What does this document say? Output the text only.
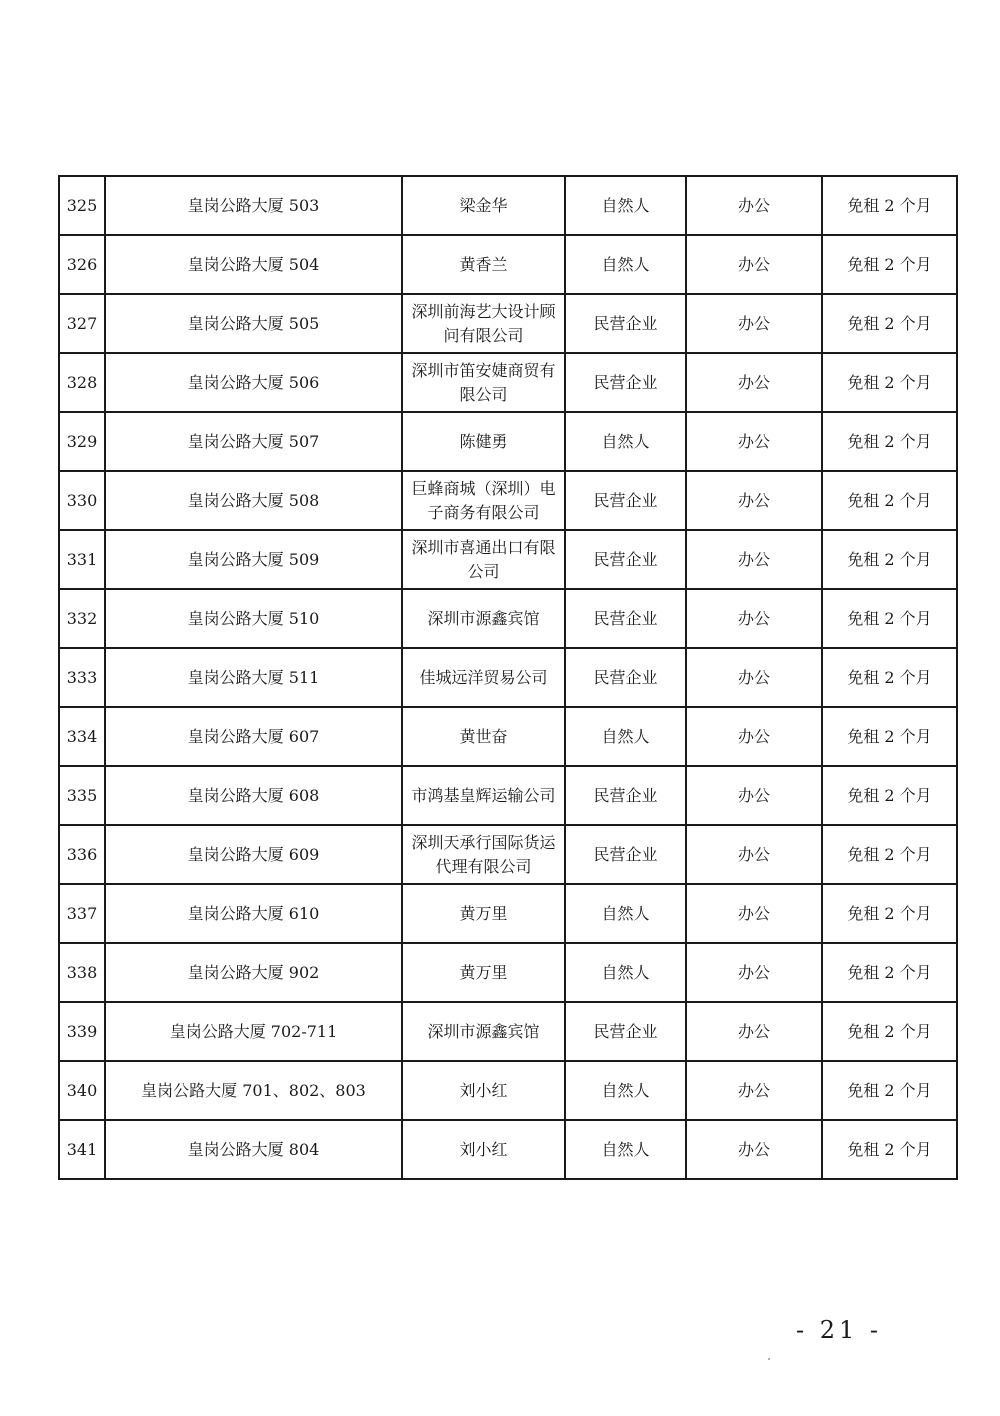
325	皇岗公路大厦 503	梁金华	自然人	办公	免租 2 个月
326	皇岗公路大厦 504	黄香兰	自然人	办公	免租 2 个月
327	皇岗公路大厦 505	深圳前海艺大设计顾问有限公司	民营企业	办公	免租 2 个月
328	皇岗公路大厦 506	深圳市笛安婕商贸有限公司	民营企业	办公	免租 2 个月
329	皇岗公路大厦 507	陈健勇	自然人	办公	免租 2 个月
330	皇岗公路大厦 508	巨蜂商城（深圳）电子商务有限公司	民营企业	办公	免租 2 个月
331	皇岗公路大厦 509	深圳市喜通出口有限公司	民营企业	办公	免租 2 个月
332	皇岗公路大厦 510	深圳市源鑫宾馆	民营企业	办公	免租 2 个月
333	皇岗公路大厦 511	佳城远洋贸易公司	民营企业	办公	免租 2 个月
334	皇岗公路大厦 607	黄世奋	自然人	办公	免租 2 个月
335	皇岗公路大厦 608	市鸿基皇辉运输公司	民营企业	办公	免租 2 个月
336	皇岗公路大厦 609	深圳天承行国际货运代理有限公司	民营企业	办公	免租 2 个月
337	皇岗公路大厦 610	黄万里	自然人	办公	免租 2 个月
338	皇岗公路大厦 902	黄万里	自然人	办公	免租 2 个月
339	皇岗公路大厦 702-711	深圳市源鑫宾馆	民营企业	办公	免租 2 个月
340	皇岗公路大厦 701、802、803	刘小红	自然人	办公	免租 2 个月
341	皇岗公路大厦 804	刘小红	自然人	办公	免租 2 个月
- 21 -
